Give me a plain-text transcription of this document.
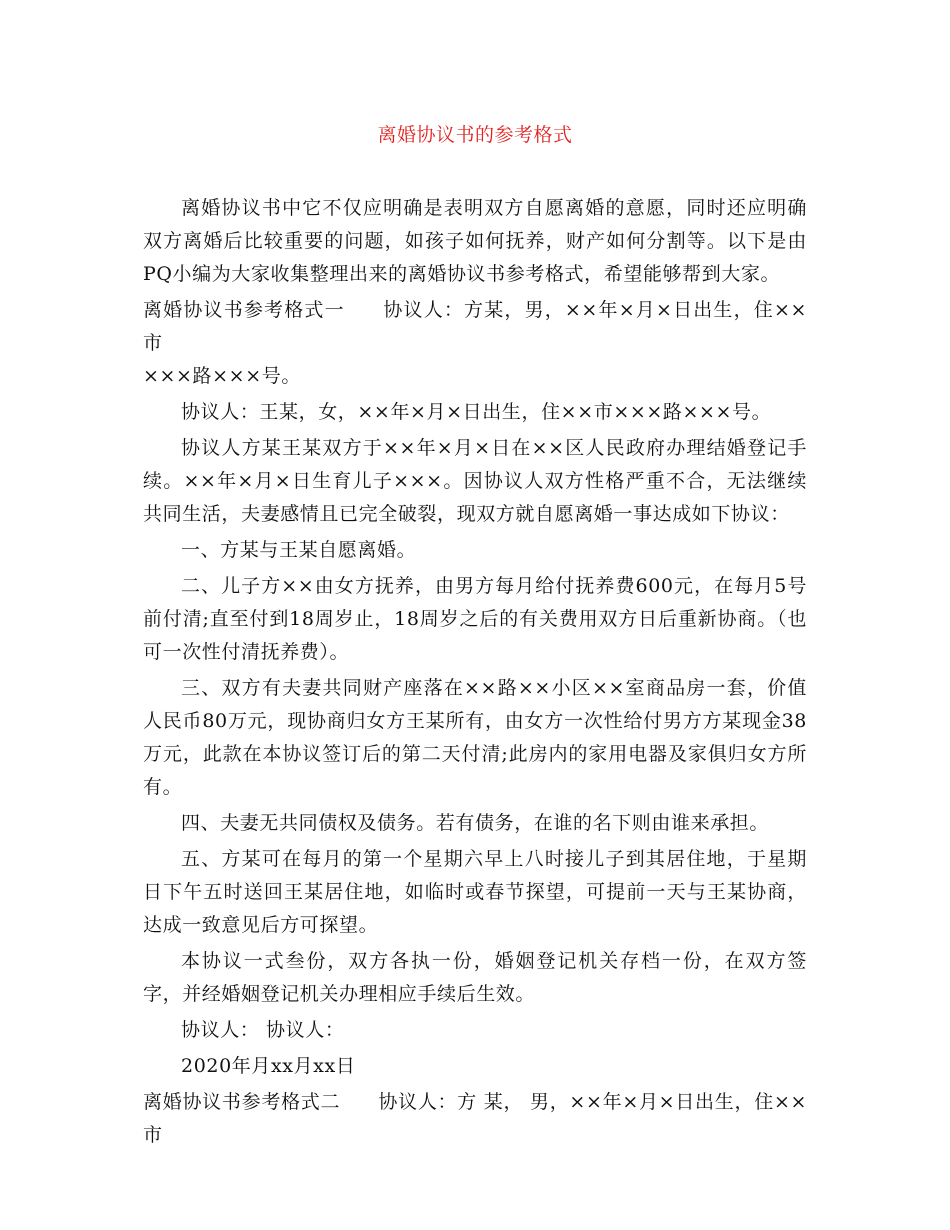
离婚协议书的参考格式

离婚协议书中它不仅应明确是表明双方自愿离婚的意愿，同时还应明确双方离婚后比较重要的问题，如孩子如何抚养，财产如何分割等。以下是由PQ小编为大家收集整理出来的离婚协议书参考格式，希望能够帮到大家。

离婚协议书参考格式一 协议人：方某，男，××年×月×日出生，住××市
×××路×××号。

协议人：王某，女，××年×月×日出生，住××市×××路×××号。

协议人方某王某双方于××年×月×日在××区人民政府办理结婚登记手续。××年×月×日生育儿子×××。因协议人双方性格严重不合，无法继续共同生活，夫妻感情且已完全破裂，现双方就自愿离婚一事达成如下协议：

一、方某与王某自愿离婚。

二、儿子方××由女方抚养，由男方每月给付抚养费600元，在每月5号前付清;直至付到18周岁止，18周岁之后的有关费用双方日后重新协商。（也可一次性付清抚养费）。

三、双方有夫妻共同财产座落在××路××小区××室商品房一套，价值人民币80万元，现协商归女方王某所有，由女方一次性给付男方方某现金38万元，此款在本协议签订后的第二天付清;此房内的家用电器及家俱归女方所有。

四、夫妻无共同债权及债务。若有债务，在谁的名下则由谁来承担。

五、方某可在每月的第一个星期六早上八时接儿子到其居住地，于星期日下午五时送回王某居住地，如临时或春节探望，可提前一天与王某协商，达成一致意见后方可探望。

本协议一式叁份，双方各执一份，婚姻登记机关存档一份，在双方签字，并经婚姻登记机关办理相应手续后生效。

协议人： 协议人：

2020年月xx月xx日

离婚协议书参考格式二 协议人：方 某， 男，××年×月×日出生，住××市
